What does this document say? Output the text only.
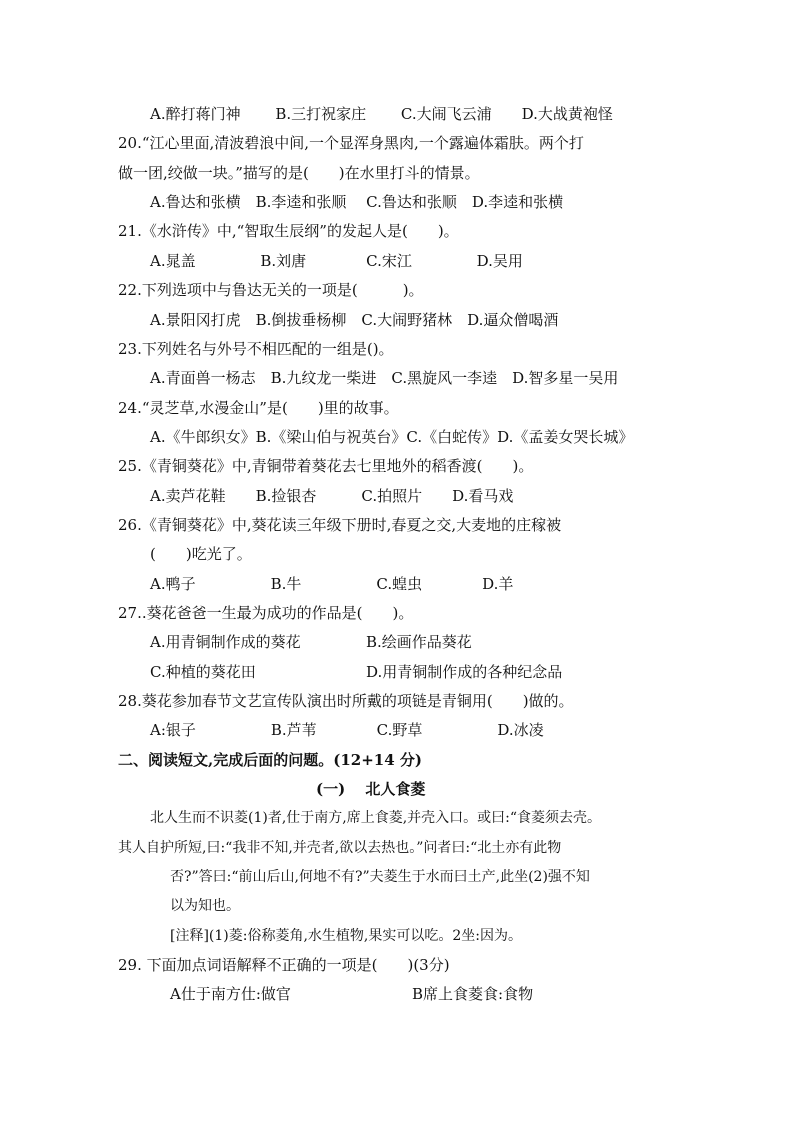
A.醉打蒋门神　　 B.三打祝家庄　　 C.大闹飞云浦　　D.大战黄袍怪
20.“江心里面,清波碧浪中间,一个显浑身黑肉,一个露遍体霜肤。两个打
做一团,绞做一块。”描写的是(　　)在水里打斗的情景。
A.鲁达和张横　B.李逵和张顺　 C.鲁达和张顺　D.李逵和张横
21.《水浒传》中,“智取生辰纲”的发起人是(　　)。
A.晁盖　　　　 B.刘唐　　　　C.宋江　　　　 D.吴用
22.下列选项中与鲁达无关的一项是(　　　)。
A.景阳冈打虎　B.倒拔垂杨柳　C.大闹野猪林　D.逼众僧喝酒
23.下列姓名与外号不相匹配的一组是()。
A.青面兽一杨志　B.九纹龙一柴进　C.黑旋风一李逵　D.智多星一吴用
24.“灵芝草,水漫金山”是(　　)里的故事。
A.《牛郎织女》B.《梁山伯与祝英台》C.《白蛇传》D.《孟姜女哭长城》
25.《青铜葵花》中,青铜带着葵花去七里地外的稻香渡(　　)。
A.卖芦花鞋　　B.捡银杏　　　C.拍照片　　D.看马戏
26.《青铜葵花》中,葵花读三年级下册时,春夏之交,大麦地的庄稼被
(　　)吃光了。
A.鸭子　　　　　B.牛　　　　　C.蝗虫　　　　D.羊
27..葵花爸爸一生最为成功的作品是(　　)。
A.用青铜制作成的葵花	B.绘画作品葵花
C.种植的葵花田	D.用青铜制作成的各种纪念品
28.葵花参加春节文艺宣传队演出时所戴的项链是青铜用(　　)做的。
A:银子　　　　　B.芦苇　　　　C.野草　　　　　D.冰凌
二、阅读短文,完成后面的问题。(12+14 分)
(一)　 北人食菱
北人生而不识菱(1)者,仕于南方,席上食菱,并壳入口。或曰:“食菱须去壳。
其人自护所短,曰:“我非不知,并壳者,欲以去热也。”问者曰:“北土亦有此物
否?”答曰:“前山后山,何地不有?”夫菱生于水而曰土产,此坐(2)强不知
以为知也。
[注释](1)菱:俗称菱角,水生植物,果实可以吃。2坐:因为。
29. 下面加点词语解释不正确的一项是(　　)(3分)
A仕于南方仕:做官	B席上食菱食:食物
